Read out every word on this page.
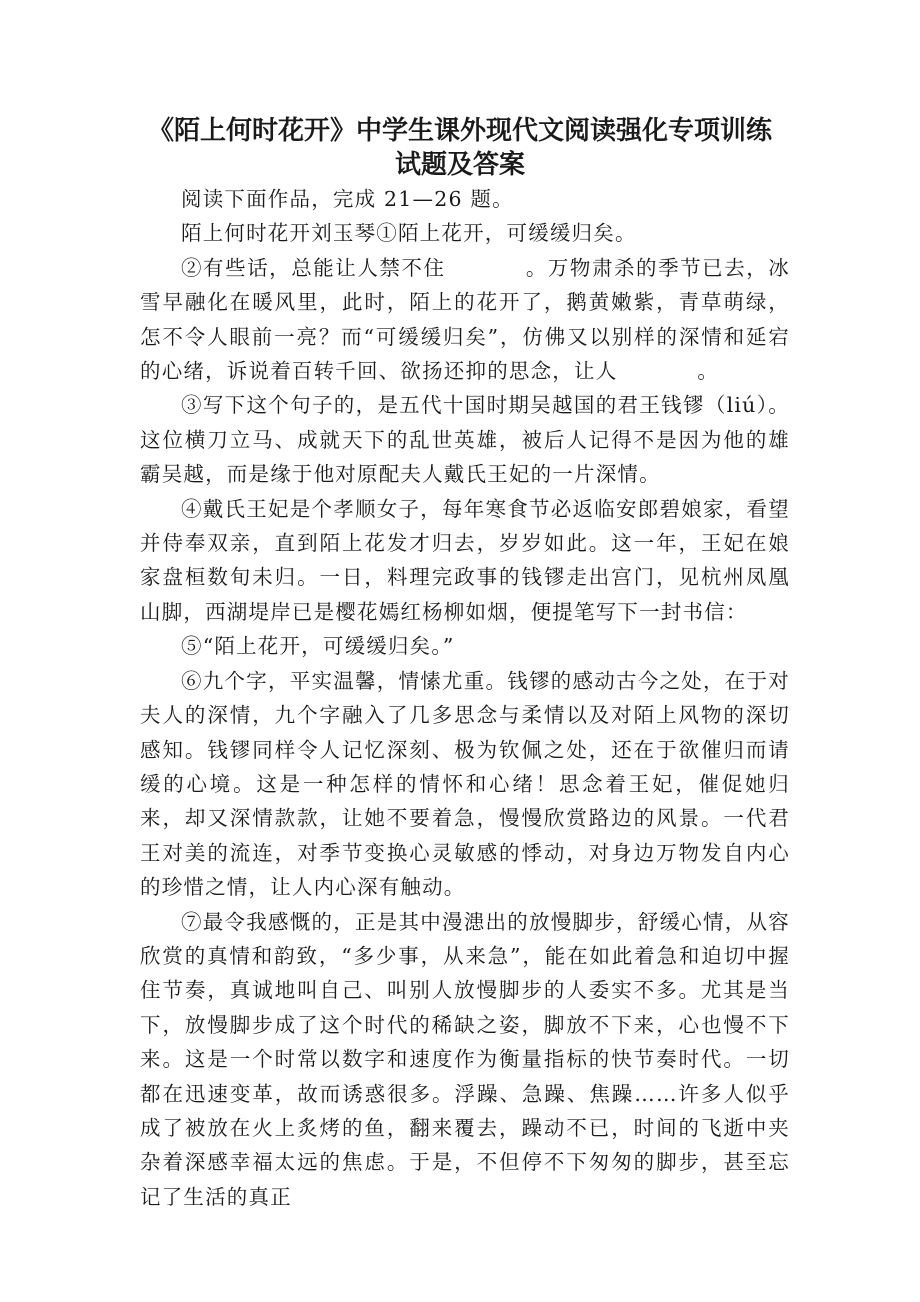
《陌上何时花开》中学生课外现代文阅读强化专项训练
试题及答案

阅读下面作品，完成 21—26 题。

陌上何时花开刘玉琴①陌上花开，可缓缓归矣。

②有些话，总能让人禁不住	。万物肃杀的季节已去，冰雪早融化在暖风里，此时，陌上的花开了，鹅黄嫩紫，青草萌绿，怎不令人眼前一亮？而“可缓缓归矣”，仿佛又以别样的深情和延宕的心绪，诉说着百转千回、欲扬还抑的思念，让人	。

③写下这个句子的，是五代十国时期吴越国的君王钱镠（liú）。这位横刀立马、成就天下的乱世英雄，被后人记得不是因为他的雄霸吴越，而是缘于他对原配夫人戴氏王妃的一片深情。

④戴氏王妃是个孝顺女子，每年寒食节必返临安郎碧娘家，看望并侍奉双亲，直到陌上花发才归去，岁岁如此。这一年，王妃在娘家盘桓数旬未归。一日，料理完政事的钱镠走出宫门，见杭州凤凰山脚，西湖堤岸已是樱花嫣红杨柳如烟，便提笔写下一封书信：

⑤“陌上花开，可缓缓归矣。”

⑥九个字，平实温馨，情愫尤重。钱镠的感动古今之处，在于对夫人的深情，九个字融入了几多思念与柔情以及对陌上风物的深切感知。钱镠同样令人记忆深刻、极为钦佩之处，还在于欲催归而请缓的心境。这是一种怎样的情怀和心绪！思念着王妃，催促她归来，却又深情款款，让她不要着急，慢慢欣赏路边的风景。一代君王对美的流连，对季节变换心灵敏感的悸动，对身边万物发自内心的珍惜之情，让人内心深有触动。

⑦最令我感慨的，正是其中漫漶出的放慢脚步，舒缓心情，从容欣赏的真情和韵致，“多少事，从来急”，能在如此着急和迫切中握住节奏，真诚地叫自己、叫别人放慢脚步的人委实不多。尤其是当下，放慢脚步成了这个时代的稀缺之姿，脚放不下来，心也慢不下来。这是一个时常以数字和速度作为衡量指标的快节奏时代。一切都在迅速变革，故而诱惑很多。浮躁、急躁、焦躁……许多人似乎成了被放在火上炙烤的鱼，翻来覆去，躁动不已，时间的飞逝中夹杂着深感幸福太远的焦虑。于是，不但停不下匆匆的脚步，甚至忘记了生活的真正
